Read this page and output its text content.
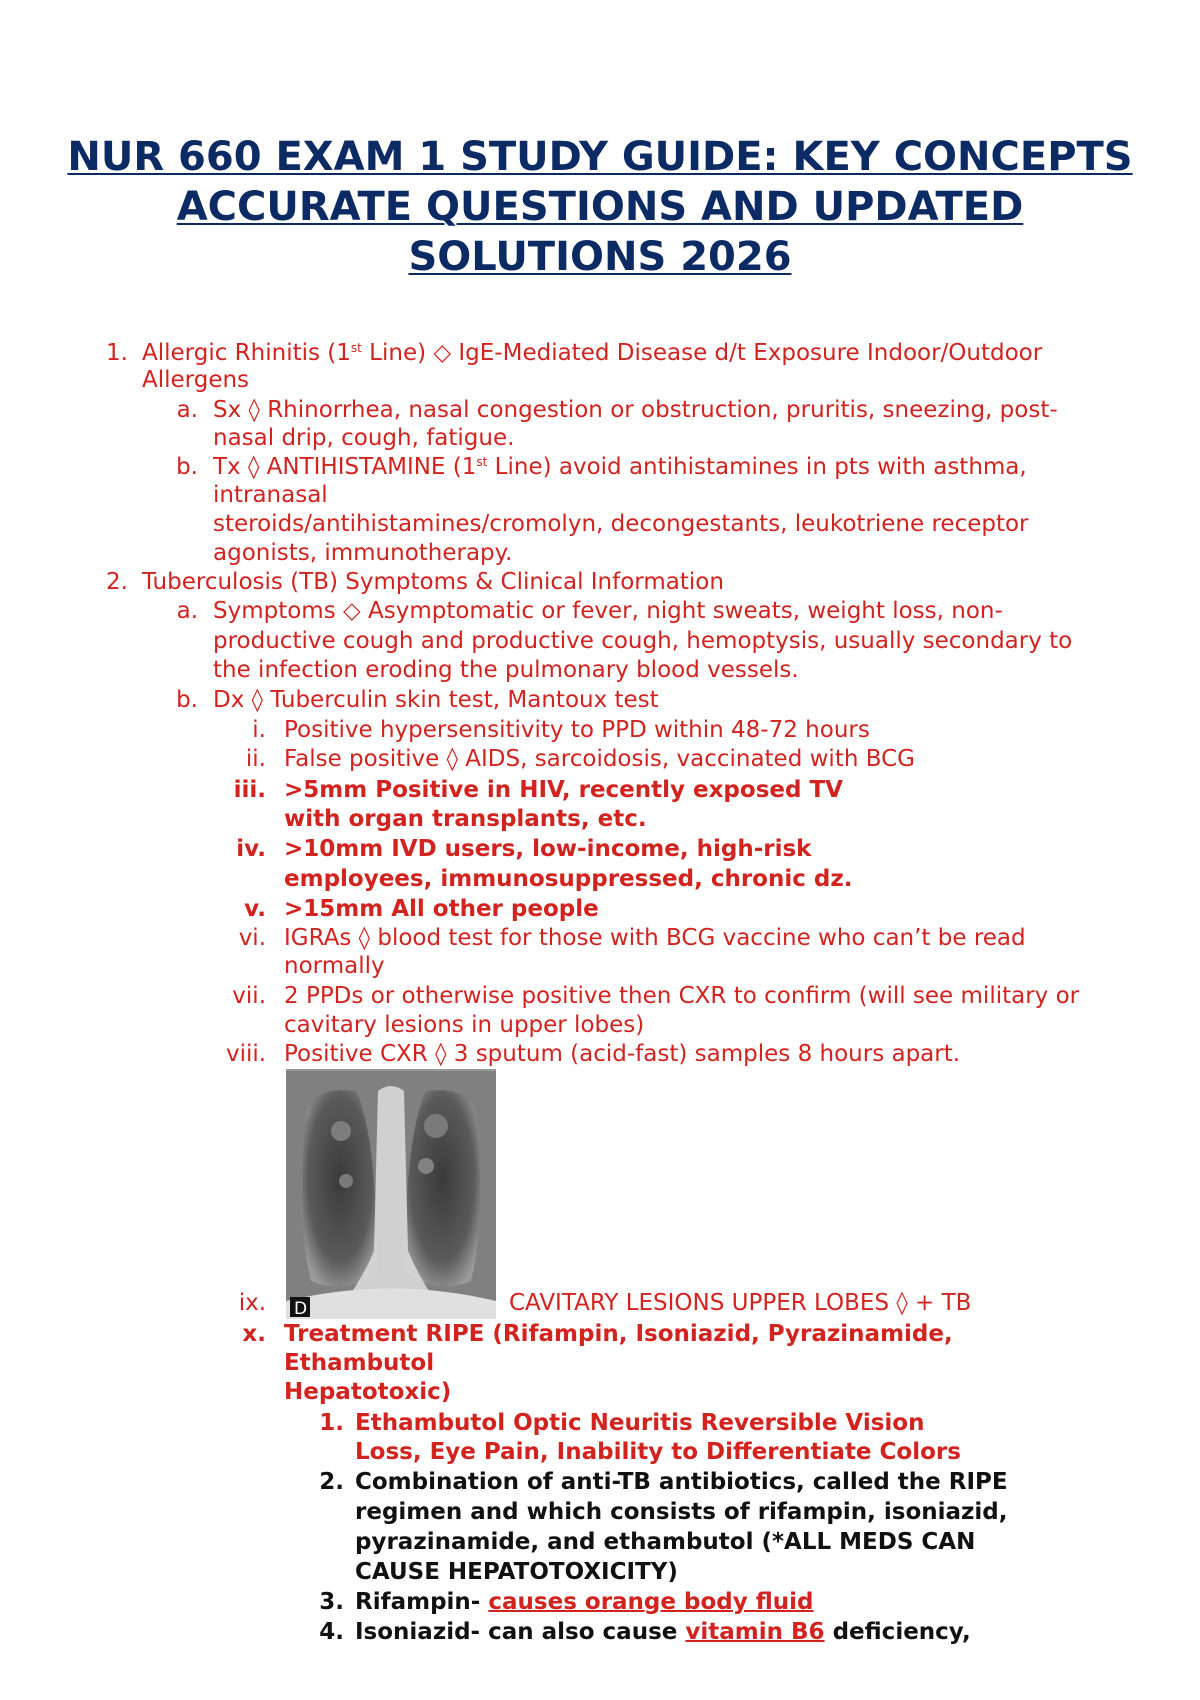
NUR 660 EXAM 1 STUDY GUIDE: KEY CONCEPTS
ACCURATE QUESTIONS AND UPDATED
SOLUTIONS 2026
1. Allergic Rhinitis (1st Line) ◇ IgE-Mediated Disease d/t Exposure Indoor/Outdoor
Allergens
a. Sx ◊ Rhinorrhea, nasal congestion or obstruction, pruritis, sneezing, post-
nasal drip, cough, fatigue.
b. Tx ◊ ANTIHISTAMINE (1st Line) avoid antihistamines in pts with asthma,
intranasal
steroids/antihistamines/cromolyn, decongestants, leukotriene receptor
agonists, immunotherapy.
2. Tuberculosis (TB) Symptoms & Clinical Information
a. Symptoms ◇ Asymptomatic or fever, night sweats, weight loss, non-
productive cough and productive cough, hemoptysis, usually secondary to
the infection eroding the pulmonary blood vessels.
b. Dx ◊ Tuberculin skin test, Mantoux test
i. Positive hypersensitivity to PPD within 48-72 hours
ii. False positive ◊ AIDS, sarcoidosis, vaccinated with BCG
iii. >5mm Positive in HIV, recently exposed TV
with organ transplants, etc.
iv. >10mm IVD users, low-income, high-risk
employees, immunosuppressed, chronic dz.
v. >15mm All other people
vi. IGRAs ◊ blood test for those with BCG vaccine who can’t be read
normally
vii. 2 PPDs or otherwise positive then CXR to confirm (will see military or
cavitary lesions in upper lobes)
viii. Positive CXR ◊ 3 sputum (acid-fast) samples 8 hours apart.
D
ix.	CAVITARY LESIONS UPPER LOBES ◊ + TB
x. Treatment RIPE (Rifampin, Isoniazid, Pyrazinamide,
Ethambutol
Hepatotoxic)
1. Ethambutol Optic Neuritis Reversible Vision
Loss, Eye Pain, Inability to Differentiate Colors
2. Combination of anti-TB antibiotics, called the RIPE
regimen and which consists of rifampin, isoniazid,
pyrazinamide, and ethambutol (*ALL MEDS CAN
CAUSE HEPATOTOXICITY)
3. Rifampin- causes orange body fluid
4. Isoniazid- can also cause vitamin B6 deficiency,
